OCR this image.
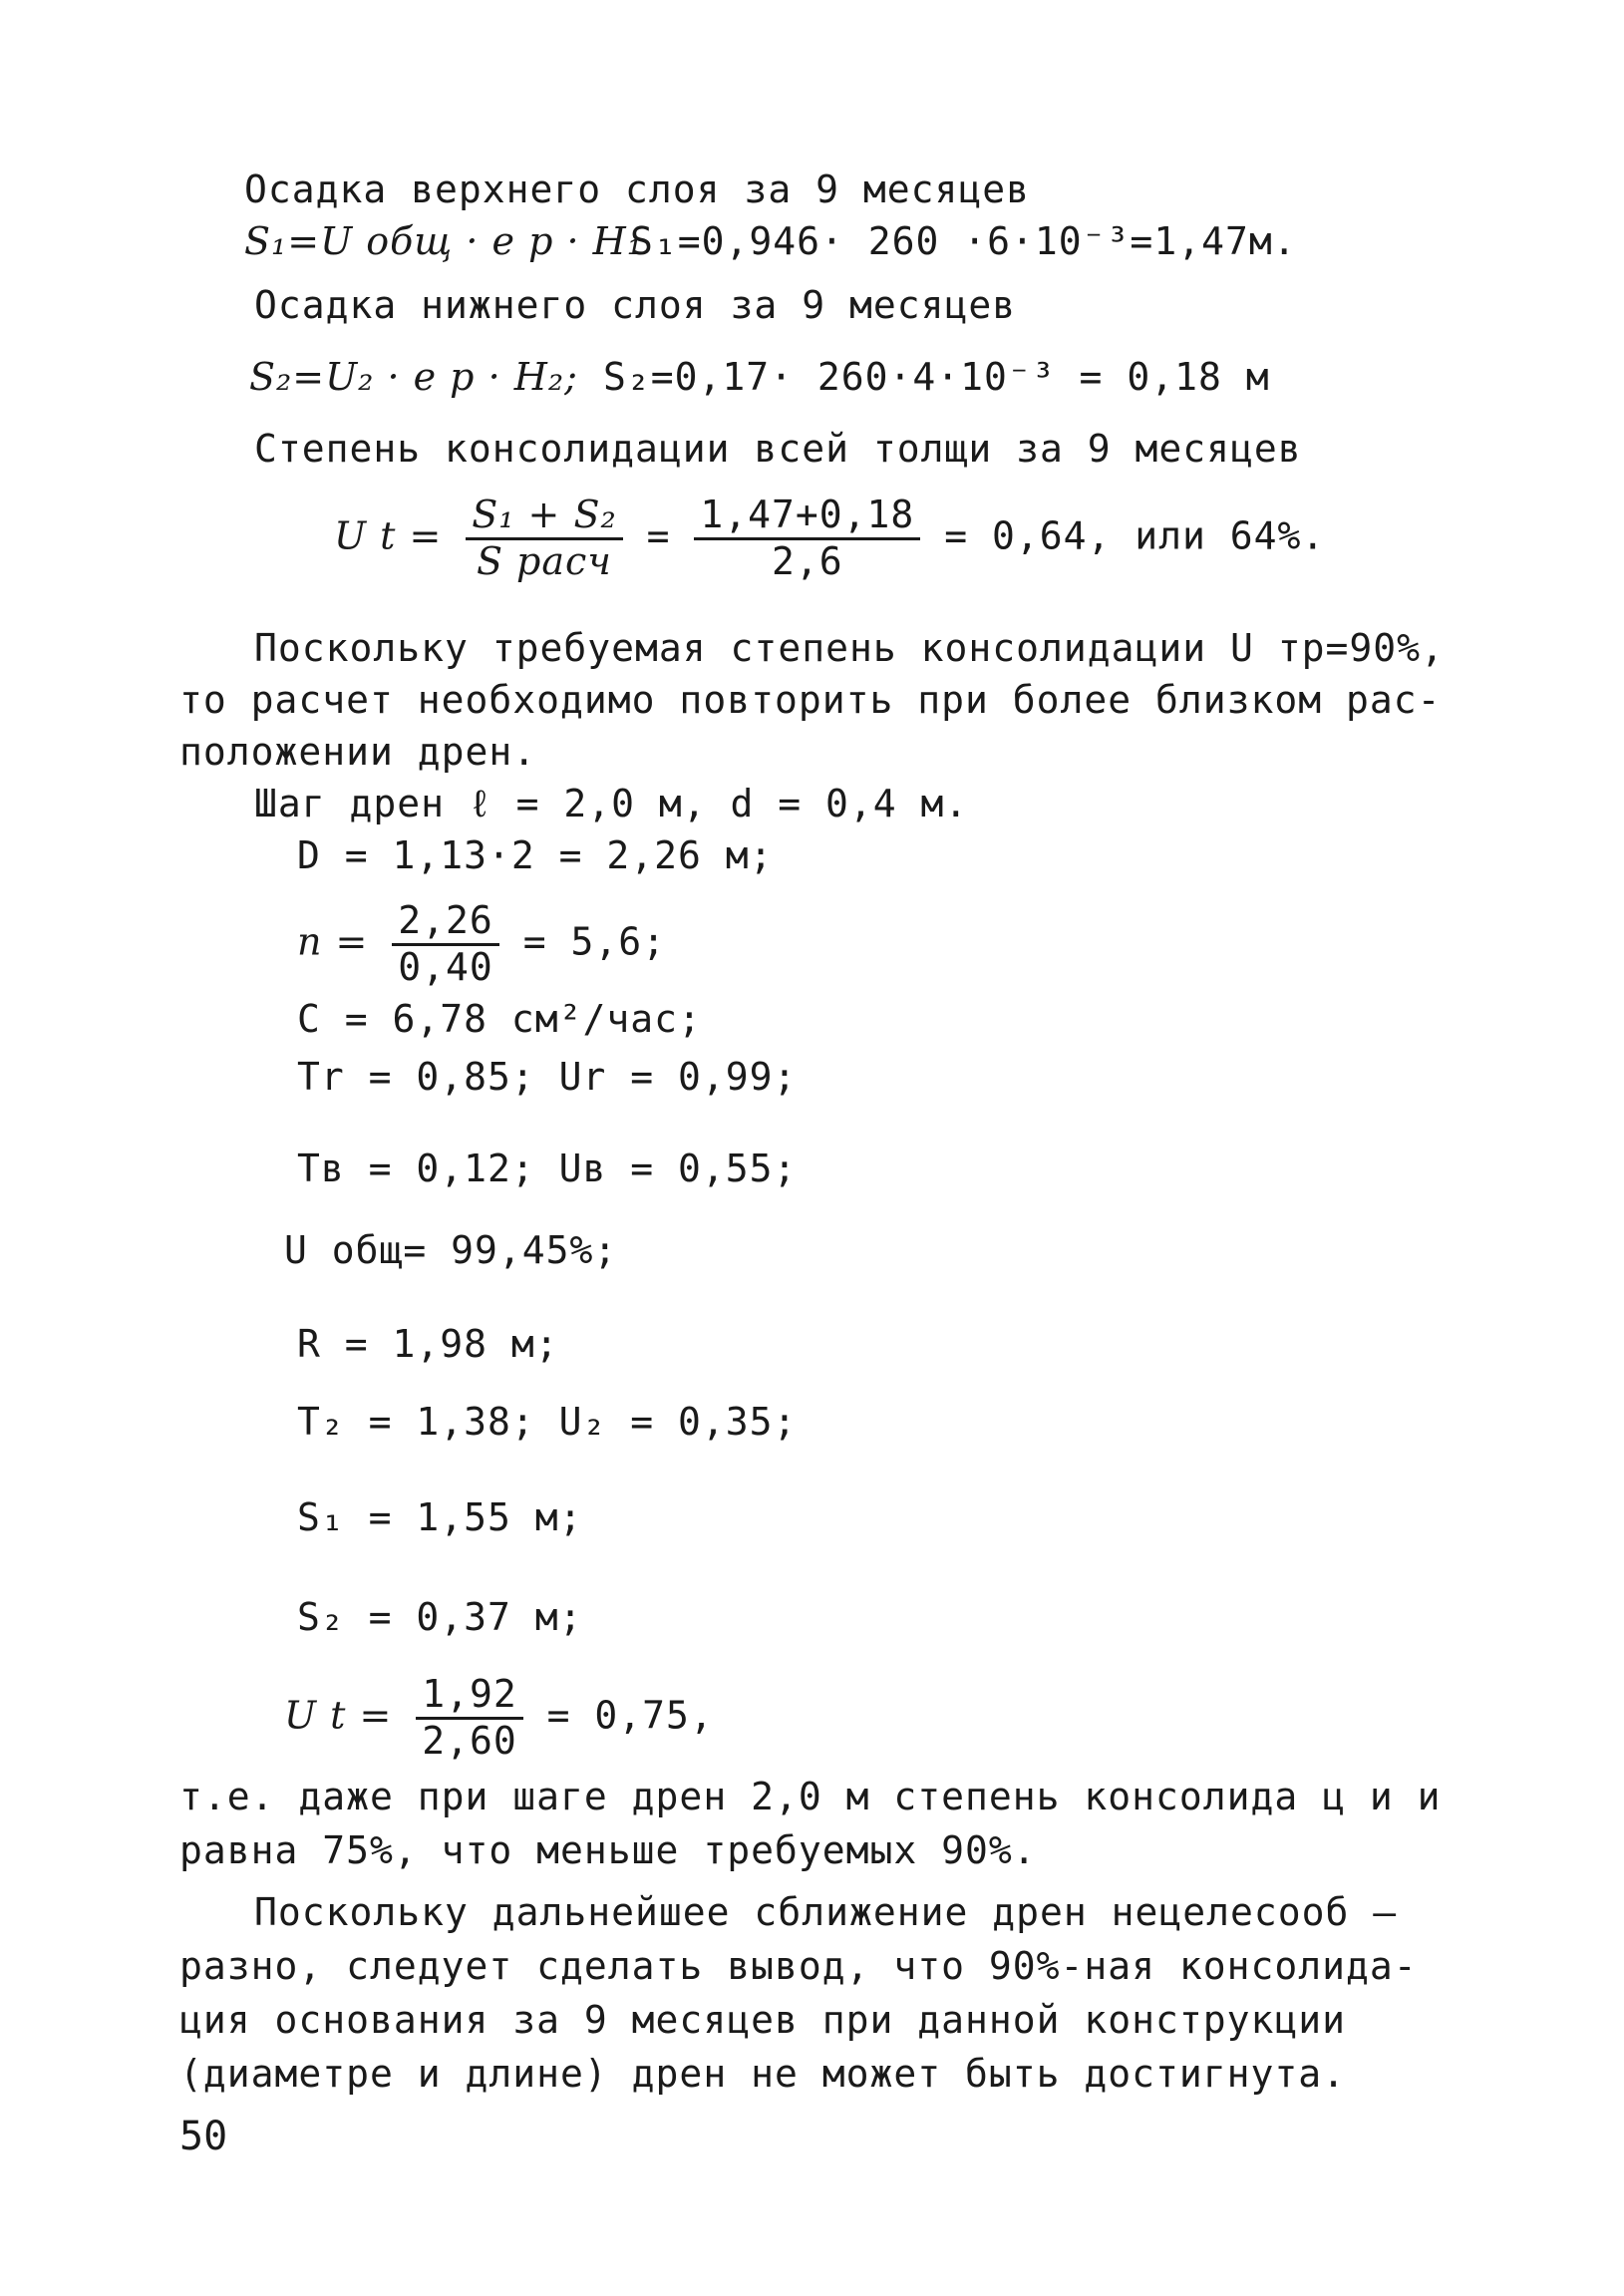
Осадка верхнего слоя за 9 месяцев
S₁=U общ · e р · H₁
S₁=0,946· 260 ·6·10⁻³=1,47м.
Осадка нижнего слоя за 9 месяцев
S₂=U₂ · e р · H₂; S₂=0,17· 260·4·10⁻³ = 0,18 м
Степень консолидации всей толщи за 9 месяцев
U $t = \frac{\text{S₁ + S₂}}{\text{S расч}} = \frac{1,47+0,18}{2,6} = 0,64$, или 64%.
Поскольку требуемая степень консолидации U тр=90%,
то расчет необходимо повторить при более близком рас-
положении дрен.
Шаг дрен ℓ = 2,0 м, d = 0,4 м.
D = 1,13·2 = 2,26 м;
$n = \frac{2,26}{0,40} = 5,6$;
C = 6,78 см²/час;
Tr = 0,85; Ur = 0,99;
Tв = 0,12; Uв = 0,55;
U общ= 99,45%;
R = 1,98 м;
T₂ = 1,38; U₂ = 0,35;
S₁ = 1,55 м;
S₂ = 0,37 м;
U $t = \frac{1,92}{2,60} = 0,75$,
т.е. даже при шаге дрен 2,0 м степень консолида ц и и
равна 75%, что меньше требуемых 90%.
Поскольку дальнейшее сближение дрен нецелесооб –
разно, следует сделать вывод, что 90%-ная консолида-
ция основания за 9 месяцев при данной конструкции
(диаметре и длине) дрен не может быть достигнута.
50
